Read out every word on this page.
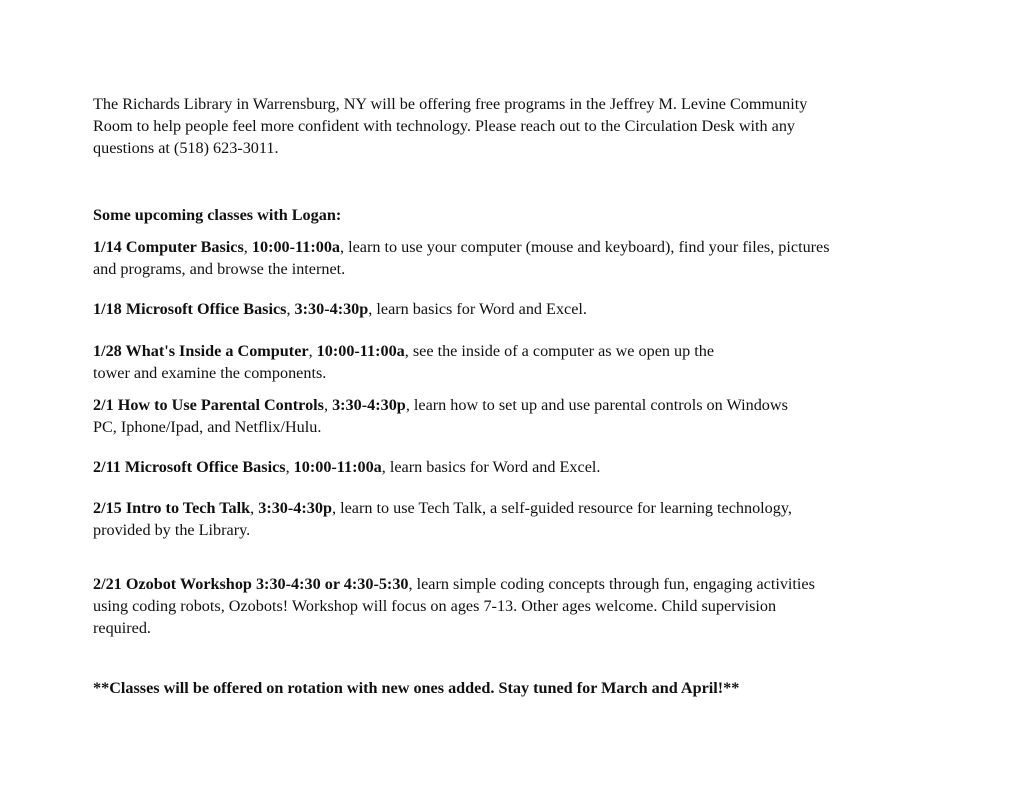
The Richards Library in Warrensburg, NY will be offering free programs in the Jeffrey M. Levine Community
Room to help people feel more confident with technology. Please reach out to the Circulation Desk with any
questions at (518) 623-3011.

Some upcoming classes with Logan:

1/14 Computer Basics, 10:00-11:00a, learn to use your computer (mouse and keyboard), find your files, pictures
and programs, and browse the internet.

1/18 Microsoft Office Basics, 3:30-4:30p, learn basics for Word and Excel.

1/28 What's Inside a Computer, 10:00-11:00a, see the inside of a computer as we open up the
tower and examine the components.

2/1 How to Use Parental Controls, 3:30-4:30p, learn how to set up and use parental controls on Windows
PC, Iphone/Ipad, and Netflix/Hulu.

2/11 Microsoft Office Basics, 10:00-11:00a, learn basics for Word and Excel.

2/15 Intro to Tech Talk, 3:30-4:30p, learn to use Tech Talk, a self-guided resource for learning technology,
provided by the Library.

2/21 Ozobot Workshop 3:30-4:30 or 4:30-5:30, learn simple coding concepts through fun, engaging activities
using coding robots, Ozobots! Workshop will focus on ages 7-13. Other ages welcome. Child supervision
required.

**Classes will be offered on rotation with new ones added. Stay tuned for March and April!**
